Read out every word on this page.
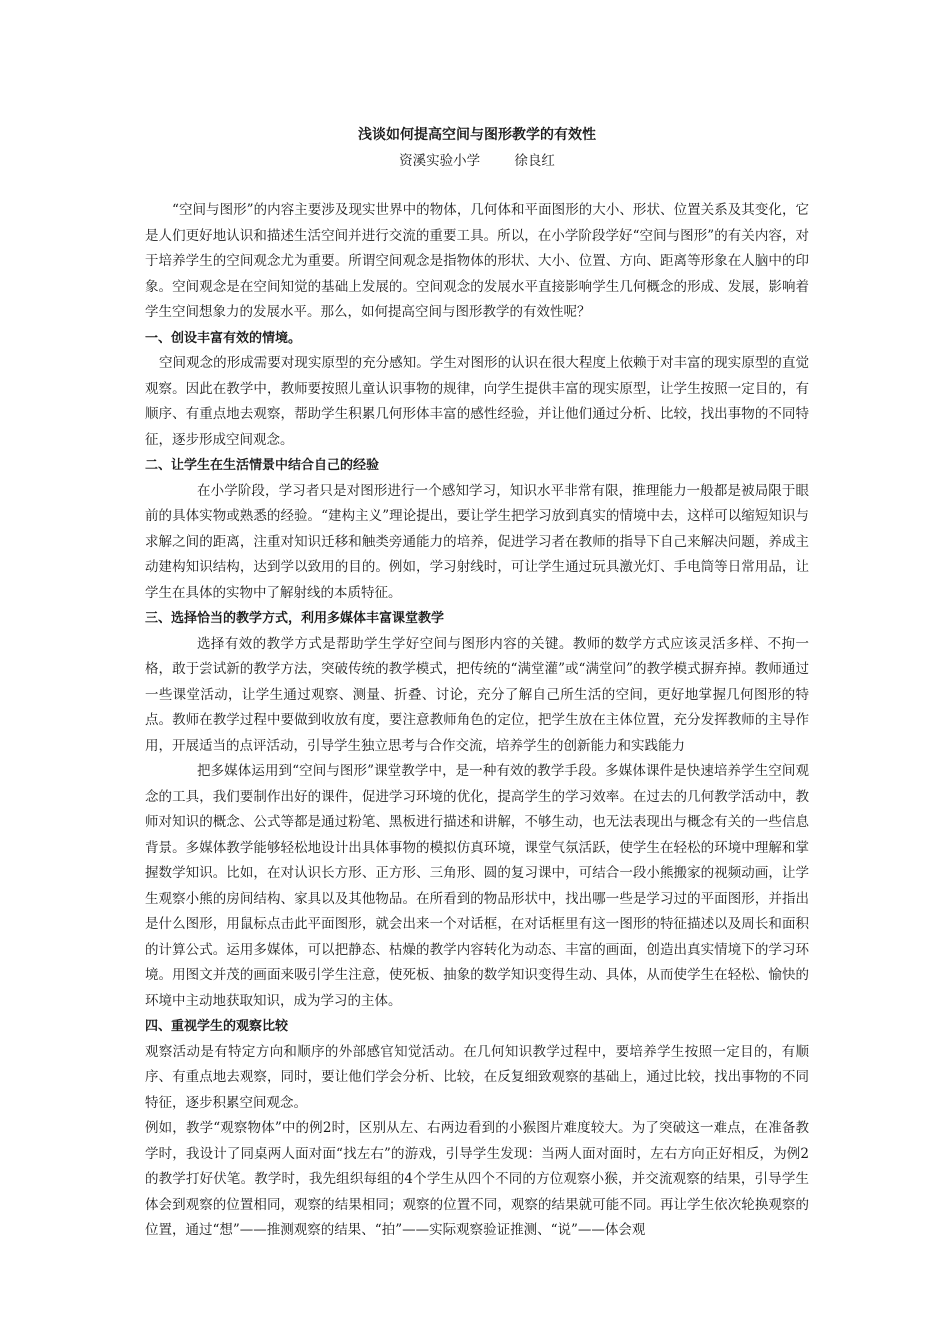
浅谈如何提高空间与图形教学的有效性
资溪实验小学        徐良红

“空间与图形”的内容主要涉及现实世界中的物体，几何体和平面图形的大小、形状、位置关系及其变化，它是人们更好地认识和描述生活空间并进行交流的重要工具。所以，在小学阶段学好“空间与图形”的有关内容，对于培养学生的空间观念尤为重要。所谓空间观念是指物体的形状、大小、位置、方向、距离等形象在人脑中的印象。空间观念是在空间知觉的基础上发展的。空间观念的发展水平直接影响学生几何概念的形成、发展，影响着学生空间想象力的发展水平。那么，如何提高空间与图形教学的有效性呢？

一、创设丰富有效的情境。

空间观念的形成需要对现实原型的充分感知。学生对图形的认识在很大程度上依赖于对丰富的现实原型的直觉观察。因此在教学中，教师要按照儿童认识事物的规律，向学生提供丰富的现实原型，让学生按照一定目的，有顺序、有重点地去观察，帮助学生积累几何形体丰富的感性经验，并让他们通过分析、比较，找出事物的不同特征，逐步形成空间观念。

二、让学生在生活情景中结合自己的经验

在小学阶段，学习者只是对图形进行一个感知学习，知识水平非常有限，推理能力一般都是被局限于眼前的具体实物或熟悉的经验。“建构主义”理论提出，要让学生把学习放到真实的情境中去，这样可以缩短知识与求解之间的距离，注重对知识迁移和触类旁通能力的培养，促进学习者在教师的指导下自己来解决问题，养成主动建构知识结构，达到学以致用的目的。例如，学习射线时，可让学生通过玩具激光灯、手电筒等日常用品，让学生在具体的实物中了解射线的本质特征。

三、选择恰当的教学方式，利用多媒体丰富课堂教学

选择有效的教学方式是帮助学生学好空间与图形内容的关键。教师的数学方式应该灵活多样、不拘一格，敢于尝试新的教学方法，突破传统的教学模式，把传统的“满堂灌”或“满堂问”的教学模式摒弃掉。教师通过一些课堂活动，让学生通过观察、测量、折叠、讨论，充分了解自己所生活的空间，更好地掌握几何图形的特点。教师在教学过程中要做到收放有度，要注意教师角色的定位，把学生放在主体位置，充分发挥教师的主导作用，开展适当的点评活动，引导学生独立思考与合作交流，培养学生的创新能力和实践能力

把多媒体运用到“空间与图形”课堂教学中，是一种有效的教学手段。多媒体课件是快速培养学生空间观念的工具，我们要制作出好的课件，促进学习环境的优化，提高学生的学习效率。在过去的几何教学活动中，教师对知识的概念、公式等都是通过粉笔、黑板进行描述和讲解，不够生动，也无法表现出与概念有关的一些信息背景。多媒体教学能够轻松地设计出具体事物的模拟仿真环境，课堂气氛活跃，使学生在轻松的环境中理解和掌握数学知识。比如，在对认识长方形、正方形、三角形、圆的复习课中，可结合一段小熊搬家的视频动画，让学生观察小熊的房间结构、家具以及其他物品。在所看到的物品形状中，找出哪一些是学习过的平面图形，并指出是什么图形，用鼠标点击此平面图形，就会出来一个对话框，在对话框里有这一图形的特征描述以及周长和面积的计算公式。运用多媒体，可以把静态、枯燥的教学内容转化为动态、丰富的画面，创造出真实情境下的学习环境。用图文并茂的画面来吸引学生注意，使死板、抽象的数学知识变得生动、具体，从而使学生在轻松、愉快的环境中主动地获取知识，成为学习的主体。

四、重视学生的观察比较

观察活动是有特定方向和顺序的外部感官知觉活动。在几何知识教学过程中，要培养学生按照一定目的，有顺序、有重点地去观察，同时，要让他们学会分析、比较，在反复细致观察的基础上，通过比较，找出事物的不同特征，逐步积累空间观念。

例如，教学“观察物体”中的例2时，区别从左、右两边看到的小猴图片难度较大。为了突破这一难点，在准备教学时，我设计了同桌两人面对面“找左右”的游戏，引导学生发现：当两人面对面时，左右方向正好相反，为例2的教学打好伏笔。教学时，我先组织每组的4个学生从四个不同的方位观察小猴，并交流观察的结果，引导学生体会到观察的位置相同，观察的结果相同；观察的位置不同，观察的结果就可能不同。再让学生依次轮换观察的位置，通过“想”——推测观察的结果、“拍”——实际观察验证推测、“说”——体会观
